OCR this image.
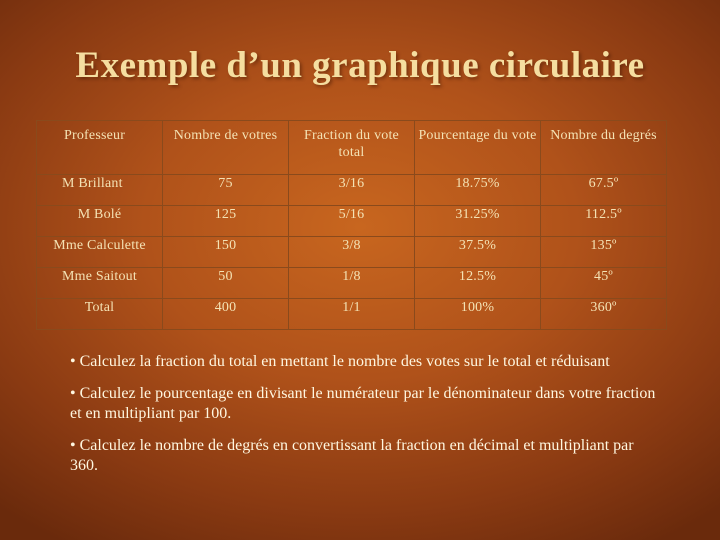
Exemple d’un graphique circulaire
Professeur	Nombre de votres	Fraction du vote total	Pourcentage du vote	Nombre du degrés
M Brillant	75	3/16	18.75%	67.5º
M Bolé	125	5/16	31.25%	112.5º
Mme Calculette	150	3/8	37.5%	135º
Mme Saitout	50	1/8	12.5%	45º
Total	400	1/1	100%	360º

• Calculez la fraction du total en mettant le nombre des votes sur le total et réduisant

• Calculez le pourcentage en divisant le numérateur par le dénominateur dans votre fraction et en multipliant par 100.

• Calculez le nombre de degrés en convertissant la fraction en décimal et multipliant par 360.
